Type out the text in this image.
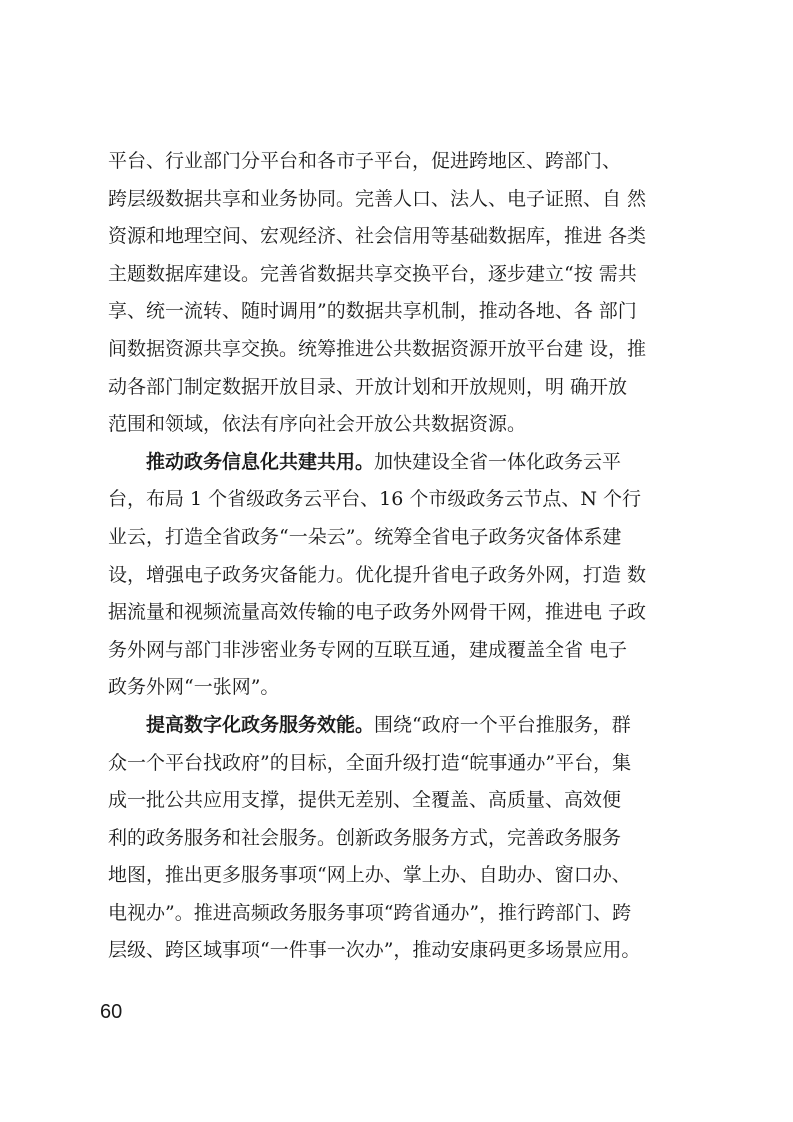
平台、行业部门分平台和各市子平台，促进跨地区、跨部门、
跨层级数据共享和业务协同。完善人口、法人、电子证照、自 然
资源和地理空间、宏观经济、社会信用等基础数据库，推进 各类
主题数据库建设。完善省数据共享交换平台，逐步建立“按 需共
享、统一流转、随时调用”的数据共享机制，推动各地、各 部门
间数据资源共享交换。统筹推进公共数据资源开放平台建 设，推
动各部门制定数据开放目录、开放计划和开放规则，明 确开放
范围和领域，依法有序向社会开放公共数据资源。
推动政务信息化共建共用。加快建设全省一体化政务云平
台，布局 1 个省级政务云平台、16 个市级政务云节点、N 个行
业云，打造全省政务“一朵云”。统筹全省电子政务灾备体系建
设，增强电子政务灾备能力。优化提升省电子政务外网，打造 数
据流量和视频流量高效传输的电子政务外网骨干网，推进电 子政
务外网与部门非涉密业务专网的互联互通，建成覆盖全省 电子
政务外网“一张网”。
提高数字化政务服务效能。围绕“政府一个平台推服务，群
众一个平台找政府”的目标，全面升级打造“皖事通办”平台，集
成一批公共应用支撑，提供无差别、全覆盖、高质量、高效便
利的政务服务和社会服务。创新政务服务方式，完善政务服务
地图，推出更多服务事项“网上办、掌上办、自助办、窗口办、
电视办”。推进高频政务服务事项“跨省通办”，推行跨部门、跨
层级、跨区域事项“一件事一次办”，推动安康码更多场景应用。
60
